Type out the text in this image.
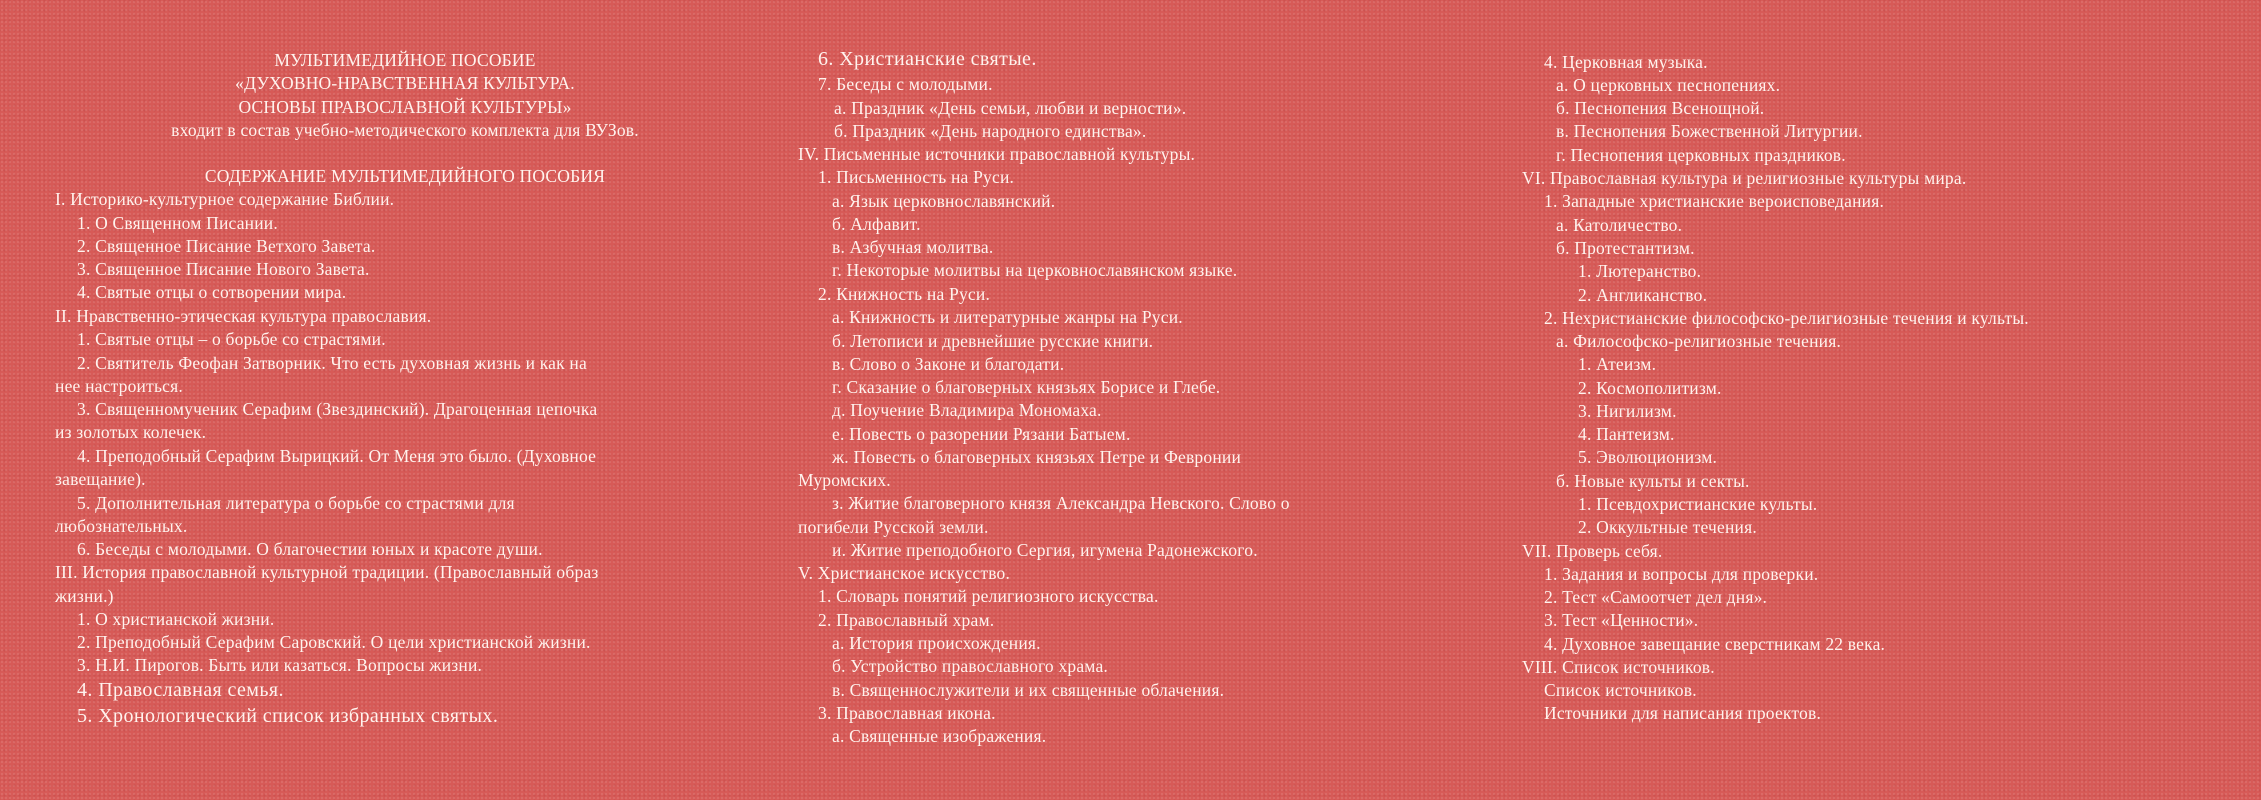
МУЛЬТИМЕДИЙНОЕ ПОСОБИЕ
«ДУХОВНО-НРАВСТВЕННАЯ КУЛЬТУРА.
ОСНОВЫ ПРАВОСЛАВНОЙ КУЛЬТУРЫ»
входит в состав учебно-методического комплекта для ВУЗов.
СОДЕРЖАНИЕ МУЛЬТИМЕДИЙНОГО ПОСОБИЯ
I. Историко-культурное содержание Библии.
1. О Священном Писании.
2. Священное Писание Ветхого Завета.
3. Священное Писание Нового Завета.
4. Святые отцы о сотворении мира.
II. Нравственно-этическая культура православия.
1. Святые отцы – о борьбе со страстями.
2. Святитель Феофан Затворник. Что есть духовная жизнь и как на
нее настроиться.
3. Священномученик Серафим (Звездинский). Драгоценная цепочка
из золотых колечек.
4. Преподобный Серафим Вырицкий. От Меня это было. (Духовное
завещание).
5. Дополнительная литература о борьбе со страстями для
любознательных.
6. Беседы с молодыми. О благочестии юных и красоте души.
III. История православной культурной традиции. (Православный образ
жизни.)
1. О христианской жизни.
2. Преподобный Серафим Саровский. О цели христианской жизни.
3. Н.И. Пирогов. Быть или казаться. Вопросы жизни.
4. Православная семья.
5. Хронологический список избранных святых.
6. Христианские святые.
7. Беседы с молодыми.
а. Праздник «День семьи, любви и верности».
б. Праздник «День народного единства».
IV. Письменные источники православной культуры.
1. Письменность на Руси.
а. Язык церковнославянский.
б. Алфавит.
в. Азбучная молитва.
г. Некоторые молитвы на церковнославянском языке.
2. Книжность на Руси.
а. Книжность и литературные жанры на Руси.
б. Летописи и древнейшие русские книги.
в. Слово о Законе и благодати.
г. Сказание о благоверных князьях Борисе и Глебе.
д. Поучение Владимира Мономаха.
е. Повесть о разорении Рязани Батыем.
ж. Повесть о благоверных князьях Петре и Февронии
Муромских.
з. Житие благоверного князя Александра Невского. Слово о
погибели Русской земли.
и. Житие преподобного Сергия, игумена Радонежского.
V. Христианское искусство.
1. Словарь понятий религиозного искусства.
2. Православный храм.
а. История происхождения.
б. Устройство православного храма.
в. Священнослужители и их священные облачения.
3. Православная икона.
а. Священные изображения.
4. Церковная музыка.
а. О церковных песнопениях.
б. Песнопения Всенощной.
в. Песнопения Божественной Литургии.
г. Песнопения церковных праздников.
VI. Православная культура и религиозные культуры мира.
1. Западные христианские вероисповедания.
а. Католичество.
б. Протестантизм.
1. Лютеранство.
2. Англиканство.
2. Нехристианские философско-религиозные течения и культы.
а. Философско-религиозные течения.
1. Атеизм.
2. Космополитизм.
3. Нигилизм.
4. Пантеизм.
5. Эволюционизм.
б. Новые культы и секты.
1. Псевдохристианские культы.
2. Оккультные течения.
VII. Проверь себя.
1. Задания и вопросы для проверки.
2. Тест «Самоотчет дел дня».
3. Тест «Ценности».
4. Духовное завещание сверстникам 22 века.
VIII. Список источников.
Список источников.
Источники для написания проектов.
